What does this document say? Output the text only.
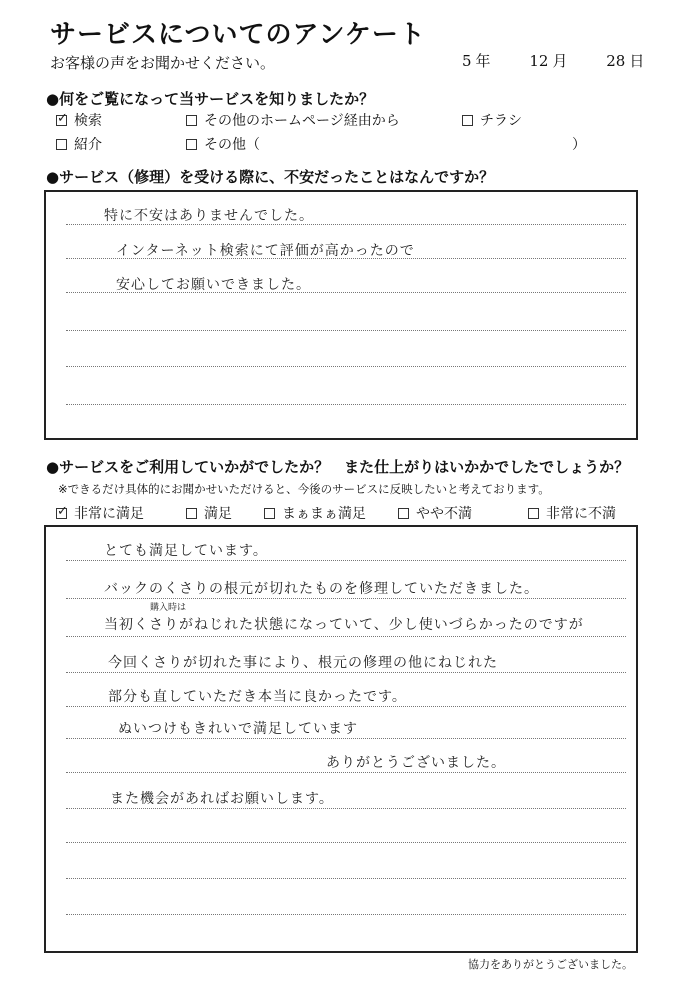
サービスについてのアンケート
お客様の声をお聞かせください。	5 年	12 月	28 日
●何をご覧になって当サービスを知りましたか？
✓
検索	その他のホームページ経由から	チラシ
紹介	その他（	）
●サービス（修理）を受ける際に、不安だったことはなんですか？
特に不安はありませんでした。
インターネット検索にて評価が高かったので
安心してお願いできました。
●サービスをご利用していかがでしたか？　また仕上がりはいかかでしたでしょうか？
※できるだけ具体的にお聞かせいただけると、今後のサービスに反映したいと考えております。
✓
非常に満足	満足	まぁまぁ満足	やや不満	非常に不満
とても満足しています。
バックのくさりの根元が切れたものを修理していただきました。
購入時は
当初くさりがねじれた状態になっていて、少し使いづらかったのですが
今回くさりが切れた事により、根元の修理の他にねじれた
部分も直していただき本当に良かったです。
ぬいつけもきれいで満足しています
ありがとうございました。
また機会があればお願いします。
協力をありがとうございました。
